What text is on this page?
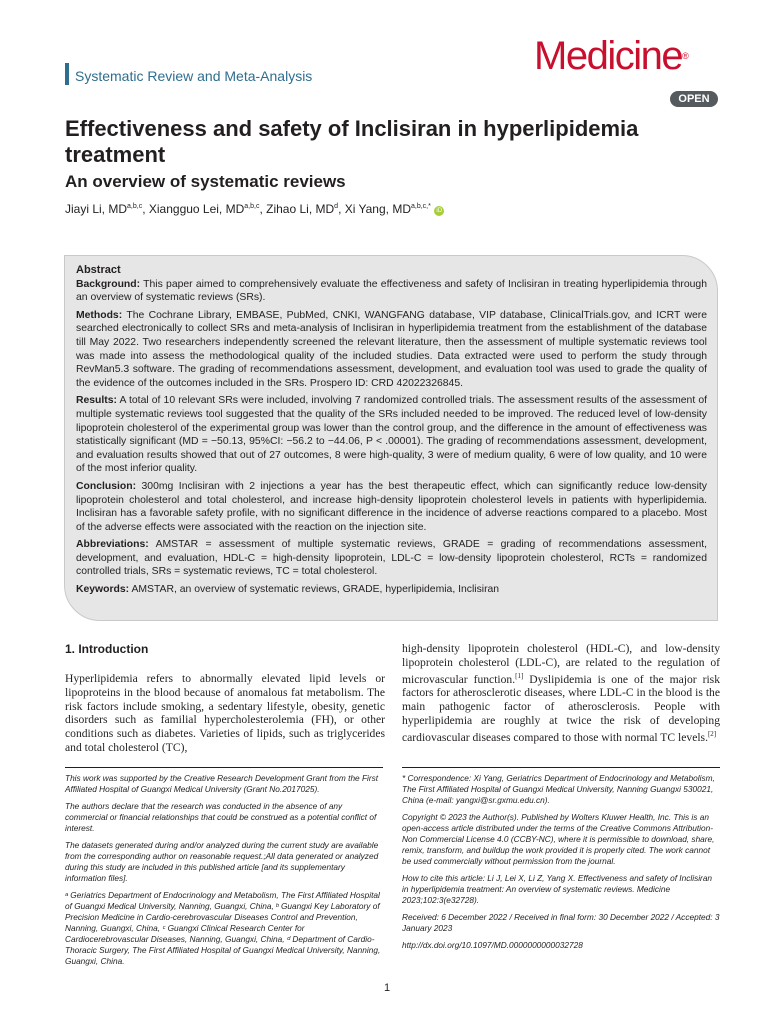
Systematic Review and Meta-Analysis	Medicine®
OPEN
Effectiveness and safety of Inclisiran in hyperlipidemia treatment
An overview of systematic reviews
Jiayi Li, MD$^{a,b,c}$, Xiangguo Lei, MD$^{a,b,c}$, Zihao Li, $MD^d$, Xi Yang, $MD^{a,b,c,*}$ iD

Abstract

Background: This paper aimed to comprehensively evaluate the effectiveness and safety of Inclisiran in treating hyperlipidemia through an overview of systematic reviews (SRs).

Methods: The Cochrane Library, EMBASE, PubMed, CNKI, WANGFANG database, VIP database, ClinicalTrials.gov, and ICRT were searched electronically to collect SRs and meta-analysis of Inclisiran in hyperlipidemia treatment from the establishment of the database till May 2022. Two researchers independently screened the relevant literature, then the assessment of multiple systematic reviews tool was made into assess the methodological quality of the included studies. Data extracted were used to perform the study through RevMan5.3 software. The grading of recommendations assessment, development, and evaluation tool was used to grade the quality of the evidence of the outcomes included in the SRs. Prospero ID: CRD 42022326845.

Results: A total of 10 relevant SRs were included, involving 7 randomized controlled trials. The assessment results of the assessment of multiple systematic reviews tool suggested that the quality of the SRs included needed to be improved. The reduced level of low-density lipoprotein cholesterol of the experimental group was lower than the control group, and the difference in the amount of effectiveness was statistically significant (MD = −50.13, 95%CI: −56.2 to −44.06, P < .00001). The grading of recommendations assessment, development, and evaluation results showed that out of 27 outcomes, 8 were high-quality, 3 were of medium quality, 6 were of low quality, and 10 were of the most inferior quality.

Conclusion: 300mg Inclisiran with 2 injections a year has the best therapeutic effect, which can significantly reduce low-density lipoprotein cholesterol and total cholesterol, and increase high-density lipoprotein cholesterol levels in patients with hyperlipidemia. Inclisiran has a favorable safety profile, with no significant difference in the incidence of adverse reactions compared to a placebo. Most of the adverse effects were associated with the reaction on the injection site.

Abbreviations: AMSTAR = assessment of multiple systematic reviews, GRADE = grading of recommendations assessment, development, and evaluation, HDL-C = high-density lipoprotein, LDL-C = low-density lipoprotein cholesterol, RCTs = randomized controlled trials, SRs = systematic reviews, TC = total cholesterol.

Keywords: AMSTAR, an overview of systematic reviews, GRADE, hyperlipidemia, Inclisiran

1. Introduction

Hyperlipidemia refers to abnormally elevated lipid levels or lipoproteins in the blood because of anomalous fat metabolism. The risk factors include smoking, a sedentary lifestyle, obesity, genetic disorders such as familial hypercholesterolemia (FH), or other conditions such as diabetes. Varieties of lipids, such as triglycerides and total cholesterol (TC),

high-density lipoprotein cholesterol (HDL-C), and low-density lipoprotein cholesterol (LDL-C), are related to the regulation of microvascular function.[1] Dyslipidemia is one of the major risk factors for atherosclerotic diseases, where LDL-C in the blood is the main pathogenic factor of atherosclerosis. People with hyperlipidemia are roughly at twice the risk of developing cardiovascular diseases compared to those with normal TC levels.[2]

This work was supported by the Creative Research Development Grant from the First Affiliated Hospital of Guangxi Medical University (Grant No.2017025).

The authors declare that the research was conducted in the absence of any commercial or financial relationships that could be construed as a potential conflict of interest.

The datasets generated during and/or analyzed during the current study are available from the corresponding author on reasonable request.;All data generated or analyzed during this study are included in this published article [and its supplementary information files].

ᵃ Geriatrics Department of Endocrinology and Metabolism, The First Affiliated Hospital of Guangxi Medical University, Nanning, Guangxi, China, ᵇ Guangxi Key Laboratory of Precision Medicine in Cardio-cerebrovascular Diseases Control and Prevention, Nanning, Guangxi, China, ᶜ Guangxi Clinical Research Center for Cardiocerebrovascular Diseases, Nanning, Guangxi, China, ᵈ Department of Cardio-Thoracic Surgery, The First Affiliated Hospital of Guangxi Medical University, Nanning, Guangxi, China.

* Correspondence: Xi Yang, Geriatrics Department of Endocrinology and Metabolism, The First Affiliated Hospital of Guangxi Medical University, Nanning Guangxi 530021, China (e-mail: yangxi@sr.gxmu.edu.cn).

Copyright © 2023 the Author(s). Published by Wolters Kluwer Health, Inc. This is an open-access article distributed under the terms of the Creative Commons Attribution-Non Commercial License 4.0 (CCBY-NC), where it is permissible to download, share, remix, transform, and buildup the work provided it is properly cited. The work cannot be used commercially without permission from the journal.

How to cite this article: Li J, Lei X, Li Z, Yang X. Effectiveness and safety of Inclisiran in hyperlipidemia treatment: An overview of systematic reviews. Medicine 2023;102:3(e32728).

Received: 6 December 2022 / Received in final form: 30 December 2022 / Accepted: 3 January 2023

http://dx.doi.org/10.1097/MD.0000000000032728

1
